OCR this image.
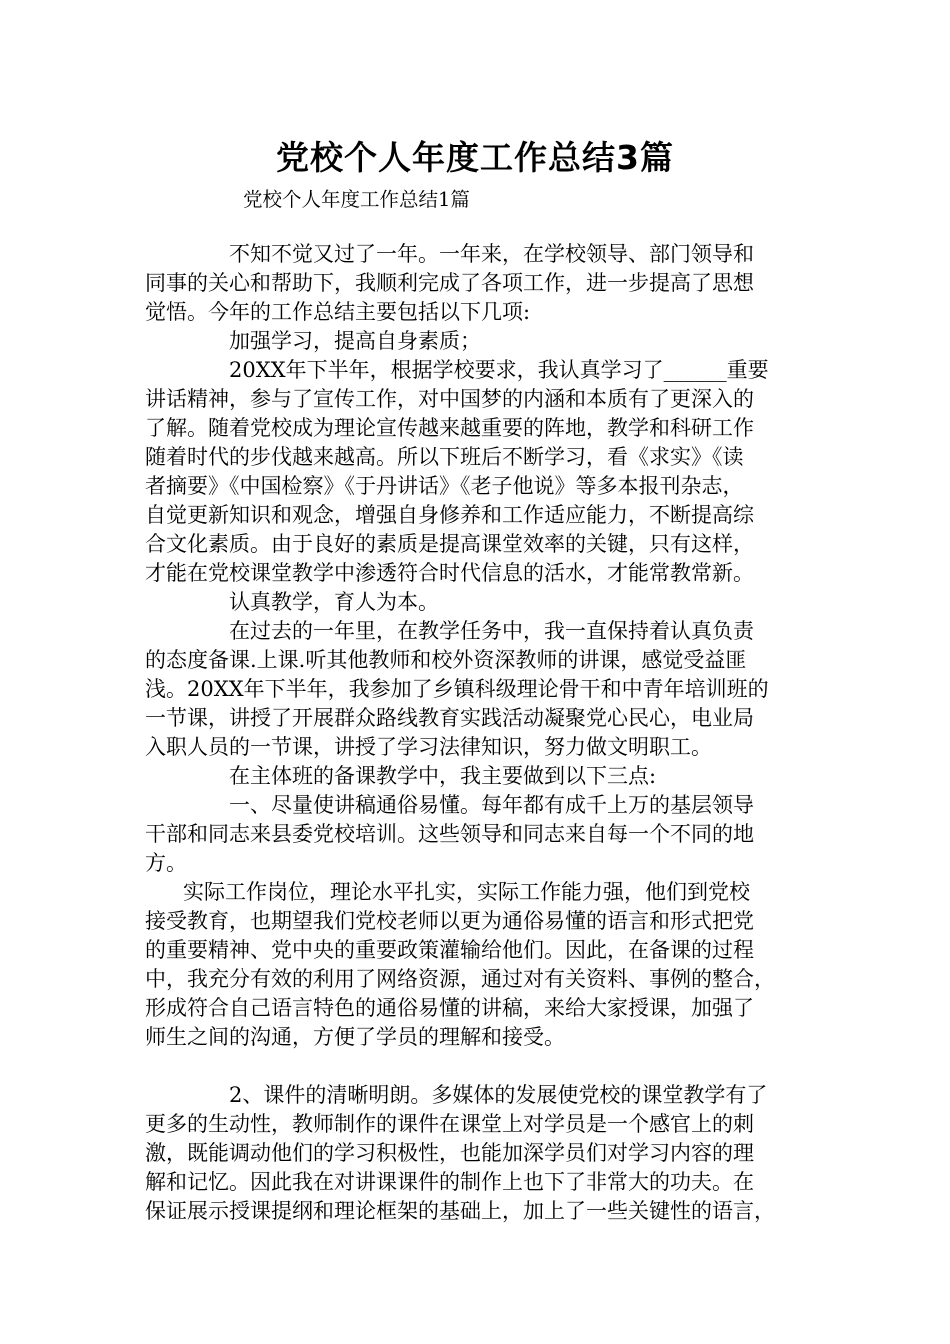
党校个人年度工作总结3篇
党校个人年度工作总结1篇
不知不觉又过了一年。一年来，在学校领导、部门领导和
同事的关心和帮助下，我顺利完成了各项工作，进一步提高了思想
觉悟。今年的工作总结主要包括以下几项:
加强学习，提高自身素质；
20XX年下半年，根据学校要求，我认真学习了______重要
讲话精神，参与了宣传工作，对中国梦的内涵和本质有了更深入的
了解。随着党校成为理论宣传越来越重要的阵地，教学和科研工作
随着时代的步伐越来越高。所以下班后不断学习，看《求实》《读
者摘要》《中国检察》《于丹讲话》《老子他说》等多本报刊杂志，
自觉更新知识和观念，增强自身修养和工作适应能力，不断提高综
合文化素质。由于良好的素质是提高课堂效率的关键，只有这样，
才能在党校课堂教学中渗透符合时代信息的活水，才能常教常新。
认真教学，育人为本。
在过去的一年里，在教学任务中，我一直保持着认真负责
的态度备课.上课.听其他教师和校外资深教师的讲课，感觉受益匪
浅。20XX年下半年，我参加了乡镇科级理论骨干和中青年培训班的
一节课，讲授了开展群众路线教育实践活动凝聚党心民心，电业局
入职人员的一节课，讲授了学习法律知识，努力做文明职工。
在主体班的备课教学中，我主要做到以下三点:
一、尽量使讲稿通俗易懂。每年都有成千上万的基层领导
干部和同志来县委党校培训。这些领导和同志来自每一个不同的地
方。
实际工作岗位，理论水平扎实，实际工作能力强，他们到党校
接受教育，也期望我们党校老师以更为通俗易懂的语言和形式把党
的重要精神、党中央的重要政策灌输给他们。因此，在备课的过程
中，我充分有效的利用了网络资源，通过对有关资料、事例的整合，
形成符合自己语言特色的通俗易懂的讲稿，来给大家授课，加强了
师生之间的沟通，方便了学员的理解和接受。
2、课件的清晰明朗。多媒体的发展使党校的课堂教学有了
更多的生动性，教师制作的课件在课堂上对学员是一个感官上的刺
激，既能调动他们的学习积极性，也能加深学员们对学习内容的理
解和记忆。因此我在对讲课课件的制作上也下了非常大的功夫。在
保证展示授课提纲和理论框架的基础上，加上了一些关键性的语言，
